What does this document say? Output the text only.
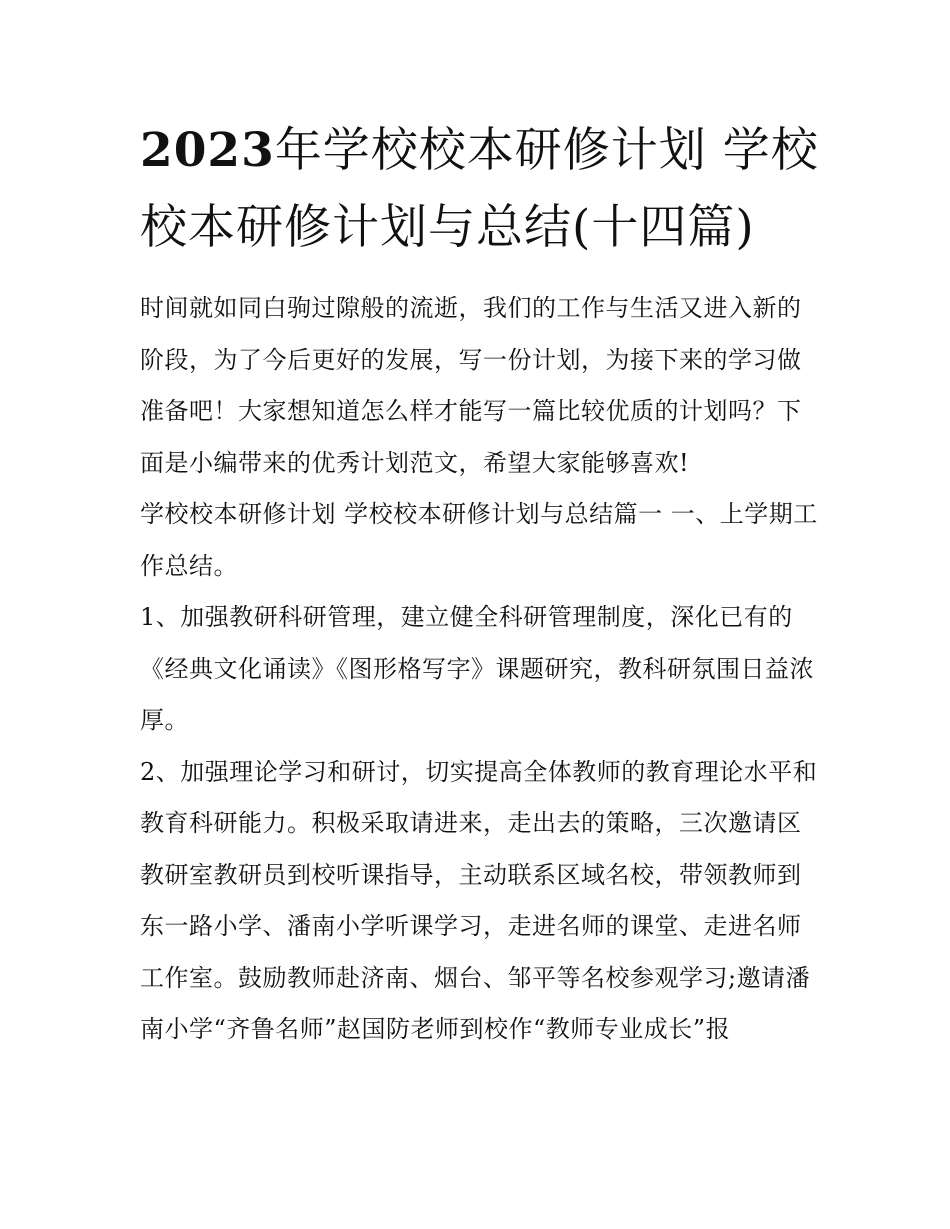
2023年学校校本研修计划 学校校本研修计划与总结(十四篇)

时间就如同白驹过隙般的流逝，我们的工作与生活又进入新的阶段，为了今后更好的发展，写一份计划，为接下来的学习做准备吧！大家想知道怎么样才能写一篇比较优质的计划吗？下面是小编带来的优秀计划范文，希望大家能够喜欢!

学校校本研修计划 学校校本研修计划与总结篇一 一、上学期工作总结。

1、加强教研科研管理，建立健全科研管理制度，深化已有的《经典文化诵读》《图形格写字》课题研究，教科研氛围日益浓厚。

2、加强理论学习和研讨，切实提高全体教师的教育理论水平和教育科研能力。积极采取请进来，走出去的策略，三次邀请区教研室教研员到校听课指导，主动联系区域名校，带领教师到东一路小学、潘南小学听课学习，走进名师的课堂、走进名师工作室。鼓励教师赴济南、烟台、邹平等名校参观学习;邀请潘南小学“齐鲁名师”赵国防老师到校作“教师专业成长”报
